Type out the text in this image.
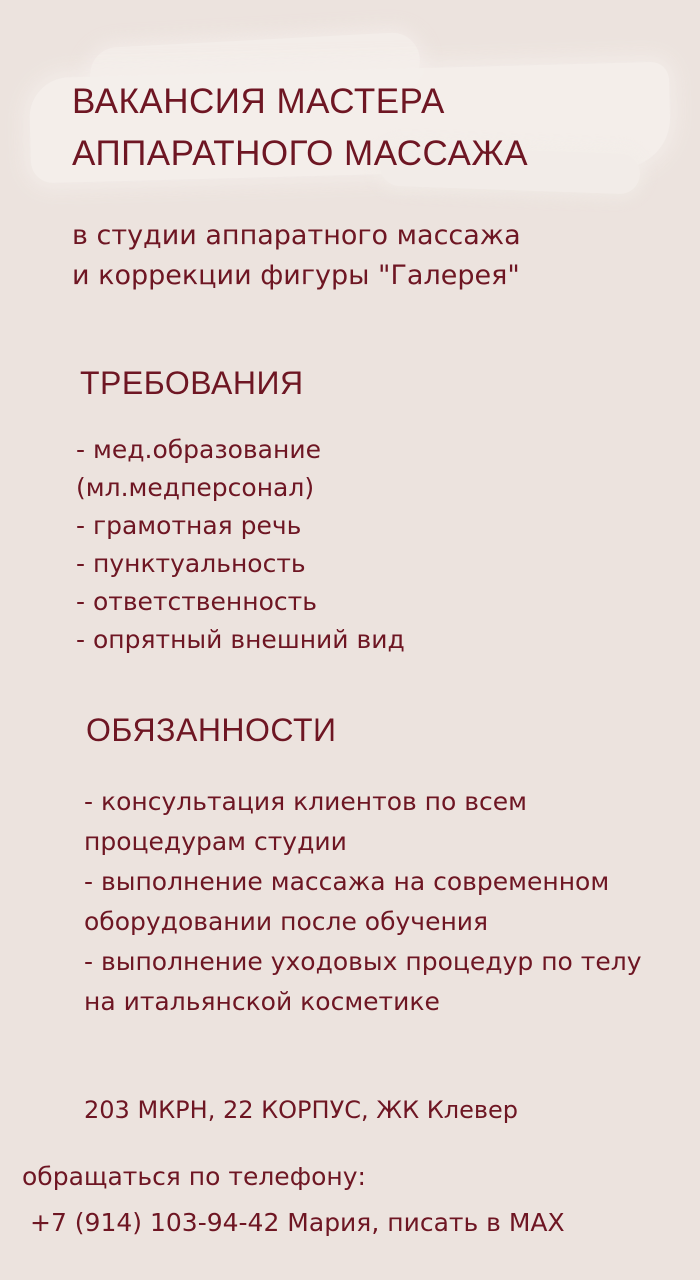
ВАКАНСИЯ МАСТЕРА
АППАРАТНОГО МАССАЖА

в студии аппаратного массажа
и коррекции фигуры "Галерея"

ТРЕБОВАНИЯ
- мед.образование
(мл.медперсонал)
- грамотная речь
- пунктуальность
- ответственность
- опрятный внешний вид
ОБЯЗАННОСТИ
- консультация клиентов по всем процедурам студии
- выполнение массажа на современном оборудовании после обучения
- выполнение уходовых процедур по телу на итальянской косметике

203 МКРН, 22 КОРПУС, ЖК Клевер

обращаться по телефону:
+7 (914) 103-94-42 Мария, писать в MAX
